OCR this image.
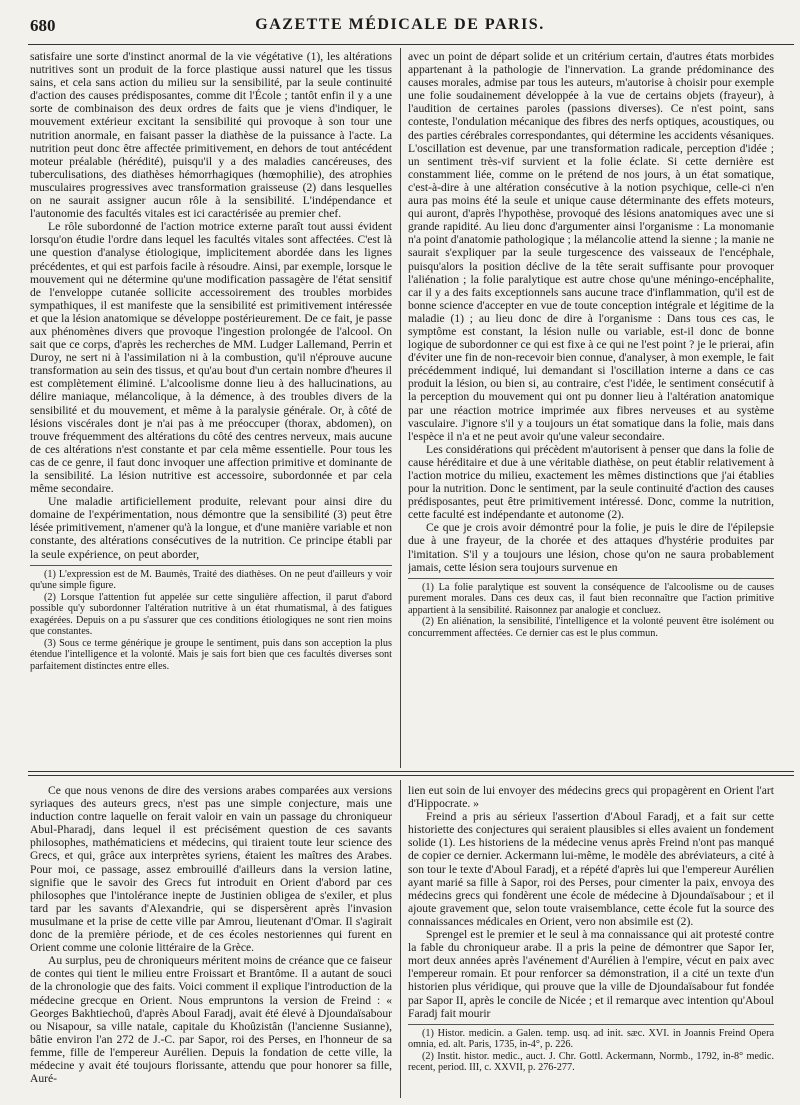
680	GAZETTE MÉDICALE DE PARIS.

satisfaire une sorte d'instinct anormal de la vie végétative (1), les altérations nutritives sont un produit de la force plastique aussi naturel que les tissus sains, et cela sans action du milieu sur la sensibilité, par la seule continuité d'action des causes prédisposantes, comme dit l'École ; tantôt enfin il y a une sorte de combinaison des deux ordres de faits que je viens d'indiquer, le mouvement extérieur excitant la sensibilité qui provoque à son tour une nutrition anormale, en faisant passer la diathèse de la puissance à l'acte. La nutrition peut donc être affectée primitivement, en dehors de tout antécédent moteur préalable (hérédité), puisqu'il y a des maladies cancéreuses, des tuberculisations, des diathèses hémorrhagiques (hœmophilie), des atrophies musculaires progressives avec transformation graisseuse (2) dans lesquelles on ne saurait assigner aucun rôle à la sensibilité. L'indépendance et l'autonomie des facultés vitales est ici caractérisée au premier chef.

Le rôle subordonné de l'action motrice externe paraît tout aussi évident lorsqu'on étudie l'ordre dans lequel les facultés vitales sont affectées. C'est là une question d'analyse étiologique, implicitement abordée dans les lignes précédentes, et qui est parfois facile à résoudre. Ainsi, par exemple, lorsque le mouvement qui ne détermine qu'une modification passagère de l'état sensitif de l'enveloppe cutanée sollicite accessoirement des troubles morbides sympathiques, il est manifeste que la sensibilité est primitivement intéressée et que la lésion anatomique se développe postérieurement. De ce fait, je passe aux phénomènes divers que provoque l'ingestion prolongée de l'alcool. On sait que ce corps, d'après les recherches de MM. Ludger Lallemand, Perrin et Duroy, ne sert ni à l'assimilation ni à la combustion, qu'il n'éprouve aucune transformation au sein des tissus, et qu'au bout d'un certain nombre d'heures il est complètement éliminé. L'alcoolisme donne lieu à des hallucinations, au délire maniaque, mélancolique, à la démence, à des troubles divers de la sensibilité et du mouvement, et même à la paralysie générale. Or, à côté de lésions viscérales dont je n'ai pas à me préoccuper (thorax, abdomen), on trouve fréquemment des altérations du côté des centres nerveux, mais aucune de ces altérations n'est constante et par cela même essentielle. Pour tous les cas de ce genre, il faut donc invoquer une affection primitive et dominante de la sensibilité. La lésion nutritive est accessoire, subordonnée et par cela même secondaire.

Une maladie artificiellement produite, relevant pour ainsi dire du domaine de l'expérimentation, nous démontre que la sensibilité (3) peut être lésée primitivement, n'amener qu'à la longue, et d'une manière variable et non constante, des altérations consécutives de la nutrition. Ce principe établi par la seule expérience, on peut aborder,

(1) L'expression est de M. Baumès, Traité des diathèses. On ne peut d'ailleurs y voir qu'une simple figure.

(2) Lorsque l'attention fut appelée sur cette singulière affection, il parut d'abord possible qu'y subordonner l'altération nutritive à un état rhumatismal, à des fatigues exagérées. Depuis on a pu s'assurer que ces conditions étiologiques ne sont rien moins que constantes.

(3) Sous ce terme générique je groupe le sentiment, puis dans son acception la plus étendue l'intelligence et la volonté. Mais je sais fort bien que ces facultés diverses sont parfaitement distinctes entre elles.

avec un point de départ solide et un critérium certain, d'autres états morbides appartenant à la pathologie de l'innervation. La grande prédominance des causes morales, admise par tous les auteurs, m'autorise à choisir pour exemple une folie soudainement développée à la vue de certains objets (frayeur), à l'audition de certaines paroles (passions diverses). Ce n'est point, sans conteste, l'ondulation mécanique des fibres des nerfs optiques, acoustiques, ou des parties cérébrales correspondantes, qui détermine les accidents vésaniques. L'oscillation est devenue, par une transformation radicale, perception d'idée ; un sentiment très-vif survient et la folie éclate. Si cette dernière est constamment liée, comme on le prétend de nos jours, à un état somatique, c'est-à-dire à une altération consécutive à la notion psychique, celle-ci n'en aura pas moins été la seule et unique cause déterminante des effets moteurs, qui auront, d'après l'hypothèse, provoqué des lésions anatomiques avec une si grande rapidité. Au lieu donc d'argumenter ainsi l'organisme : La monomanie n'a point d'anatomie pathologique ; la mélancolie attend la sienne ; la manie ne saurait s'expliquer par la seule turgescence des vaisseaux de l'encéphale, puisqu'alors la position déclive de la tête serait suffisante pour provoquer l'aliénation ; la folie paralytique est autre chose qu'une méningo-encéphalite, car il y a des faits exceptionnels sans aucune trace d'inflammation, qu'il est de bonne science d'accepter en vue de toute conception intégrale et légitime de la maladie (1) ; au lieu donc de dire à l'organisme : Dans tous ces cas, le symptôme est constant, la lésion nulle ou variable, est-il donc de bonne logique de subordonner ce qui est fixe à ce qui ne l'est point ? je le prierai, afin d'éviter une fin de non-recevoir bien connue, d'analyser, à mon exemple, le fait précédemment indiqué, lui demandant si l'oscillation interne a dans ce cas produit la lésion, ou bien si, au contraire, c'est l'idée, le sentiment consécutif à la perception du mouvement qui ont pu donner lieu à l'altération anatomique par une réaction motrice imprimée aux fibres nerveuses et au système vasculaire. J'ignore s'il y a toujours un état somatique dans la folie, mais dans l'espèce il n'a et ne peut avoir qu'une valeur secondaire.

Les considérations qui précèdent m'autorisent à penser que dans la folie de cause héréditaire et due à une véritable diathèse, on peut établir relativement à l'action motrice du milieu, exactement les mêmes distinctions que j'ai établies pour la nutrition. Donc le sentiment, par la seule continuité d'action des causes prédisposantes, peut être primitivement intéressé. Donc, comme la nutrition, cette faculté est indépendante et autonome (2).

Ce que je crois avoir démontré pour la folie, je puis le dire de l'épilepsie due à une frayeur, de la chorée et des attaques d'hystérie produites par l'imitation. S'il y a toujours une lésion, chose qu'on ne saura probablement jamais, cette lésion sera toujours survenue en

(1) La folie paralytique est souvent la conséquence de l'alcoolisme ou de causes purement morales. Dans ces deux cas, il faut bien reconnaître que l'action primitive appartient à la sensibilité. Raisonnez par analogie et concluez.

(2) En aliénation, la sensibilité, l'intelligence et la volonté peuvent être isolément ou concurremment affectées. Ce dernier cas est le plus commun.

Ce que nous venons de dire des versions arabes comparées aux versions syriaques des auteurs grecs, n'est pas une simple conjecture, mais une induction contre laquelle on ferait valoir en vain un passage du chroniqueur Abul-Pharadj, dans lequel il est précisément question de ces savants philosophes, mathématiciens et médecins, qui tiraient toute leur science des Grecs, et qui, grâce aux interprètes syriens, étaient les maîtres des Arabes. Pour moi, ce passage, assez embrouillé d'ailleurs dans la version latine, signifie que le savoir des Grecs fut introduit en Orient d'abord par ces philosophes que l'intolérance inepte de Justinien obligea de s'exiler, et plus tard par les savants d'Alexandrie, qui se dispersèrent après l'invasion musulmane et la prise de cette ville par Amrou, lieutenant d'Omar. Il s'agirait donc de la première période, et de ces écoles nestoriennes qui furent en Orient comme une colonie littéraire de la Grèce.

Au surplus, peu de chroniqueurs méritent moins de créance que ce faiseur de contes qui tient le milieu entre Froissart et Brantôme. Il a autant de souci de la chronologie que des faits. Voici comment il explique l'introduction de la médecine grecque en Orient. Nous empruntons la version de Freind : « Georges Bakhtiechoû, d'après Aboul Faradj, avait été élevé à Djoundaïsabour ou Nisapour, sa ville natale, capitale du Khoûzistân (l'ancienne Susianne), bâtie environ l'an 272 de J.-C. par Sapor, roi des Perses, en l'honneur de sa femme, fille de l'empereur Aurélien. Depuis la fondation de cette ville, la médecine y avait été toujours florissante, attendu que pour honorer sa fille, Auré-

lien eut soin de lui envoyer des médecins grecs qui propagèrent en Orient l'art d'Hippocrate. »

Freind a pris au sérieux l'assertion d'Aboul Faradj, et a fait sur cette historiette des conjectures qui seraient plausibles si elles avaient un fondement solide (1). Les historiens de la médecine venus après Freind n'ont pas manqué de copier ce dernier. Ackermann lui-même, le modèle des abréviateurs, a cité à son tour le texte d'Aboul Faradj, et a répété d'après lui que l'empereur Aurélien ayant marié sa fille à Sapor, roi des Perses, pour cimenter la paix, envoya des médecins grecs qui fondèrent une école de médecine à Djoundaïsabour ; et il ajoute gravement que, selon toute vraisemblance, cette école fut la source des connaissances médicales en Orient, vero non absimile est (2).

Sprengel est le premier et le seul à ma connaissance qui ait protesté contre la fable du chroniqueur arabe. Il a pris la peine de démontrer que Sapor Ier, mort deux années après l'avénement d'Aurélien à l'empire, vécut en paix avec l'empereur romain. Et pour renforcer sa démonstration, il a cité un texte d'un historien plus véridique, qui prouve que la ville de Djoundaïsabour fut fondée par Sapor II, après le concile de Nicée ; et il remarque avec intention qu'Aboul Faradj fait mourir

(1) Histor. medicin. a Galen. temp. usq. ad init. sæc. XVI. in Joannis Freind Opera omnia, ed. alt. Paris, 1735, in-4°, p. 226.

(2) Instit. histor. medic., auct. J. Chr. Gottl. Ackermann, Normb., 1792, in-8° medic. recent, period. III, c. XXVII, p. 276-277.
